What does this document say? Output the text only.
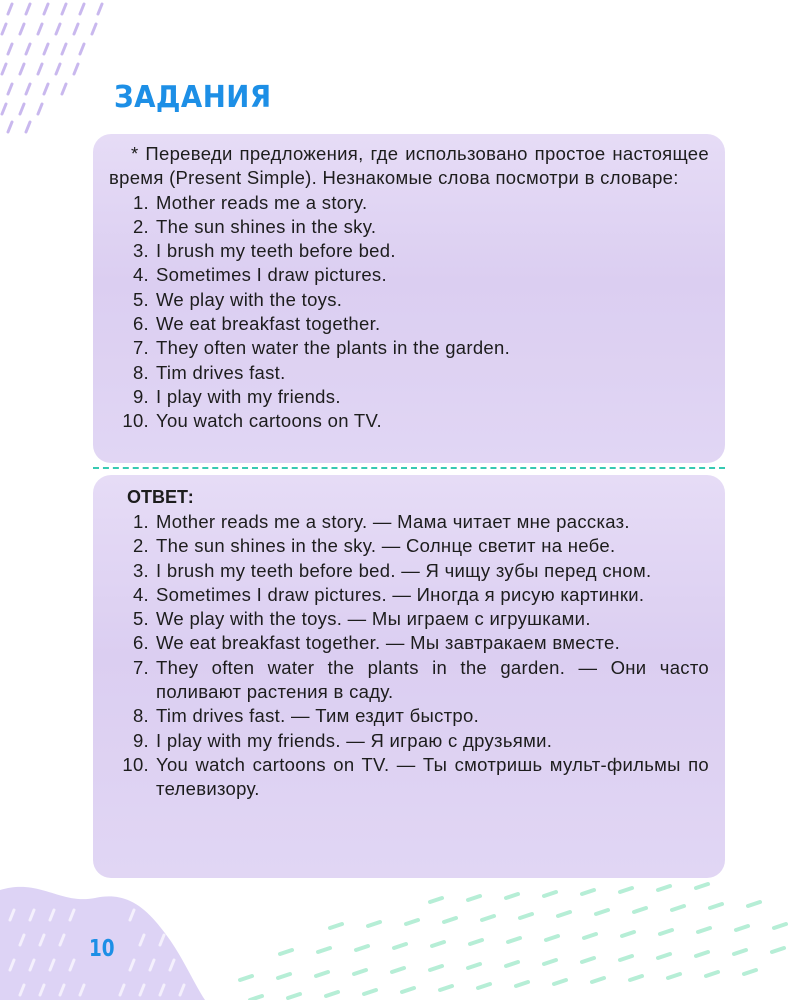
ЗАДАНИЯ

* Переведи предложения, где использовано простое настоящее время (Present Simple). Незнакомые слова посмотри в словаре:

1. Mother reads me a story.
2. The sun shines in the sky.
3. I brush my teeth before bed.
4. Sometimes I draw pictures.
5. We play with the toys.
6. We eat breakfast together.
7. They often water the plants in the garden.
8. Tim drives fast.
9. I play with my friends.
10. You watch cartoons on TV.
ОТВЕТ:
1. Mother reads me a story. — Мама читает мне рассказ.
2. The sun shines in the sky. — Солнце светит на небе.
3. I brush my teeth before bed. — Я чищу зубы перед сном.
4. Sometimes I draw pictures. — Иногда я рисую картинки.
5. We play with the toys. — Мы играем с игрушками.
6. We eat breakfast together. — Мы завтракаем вместе.
7. They often water the plants in the garden. — Они часто поливают растения в саду.
8. Tim drives fast. — Тим ездит быстро.
9. I play with my friends. — Я играю с друзьями.
10. You watch cartoons on TV. — Ты смотришь мульт-фильмы по телевизору.
10
